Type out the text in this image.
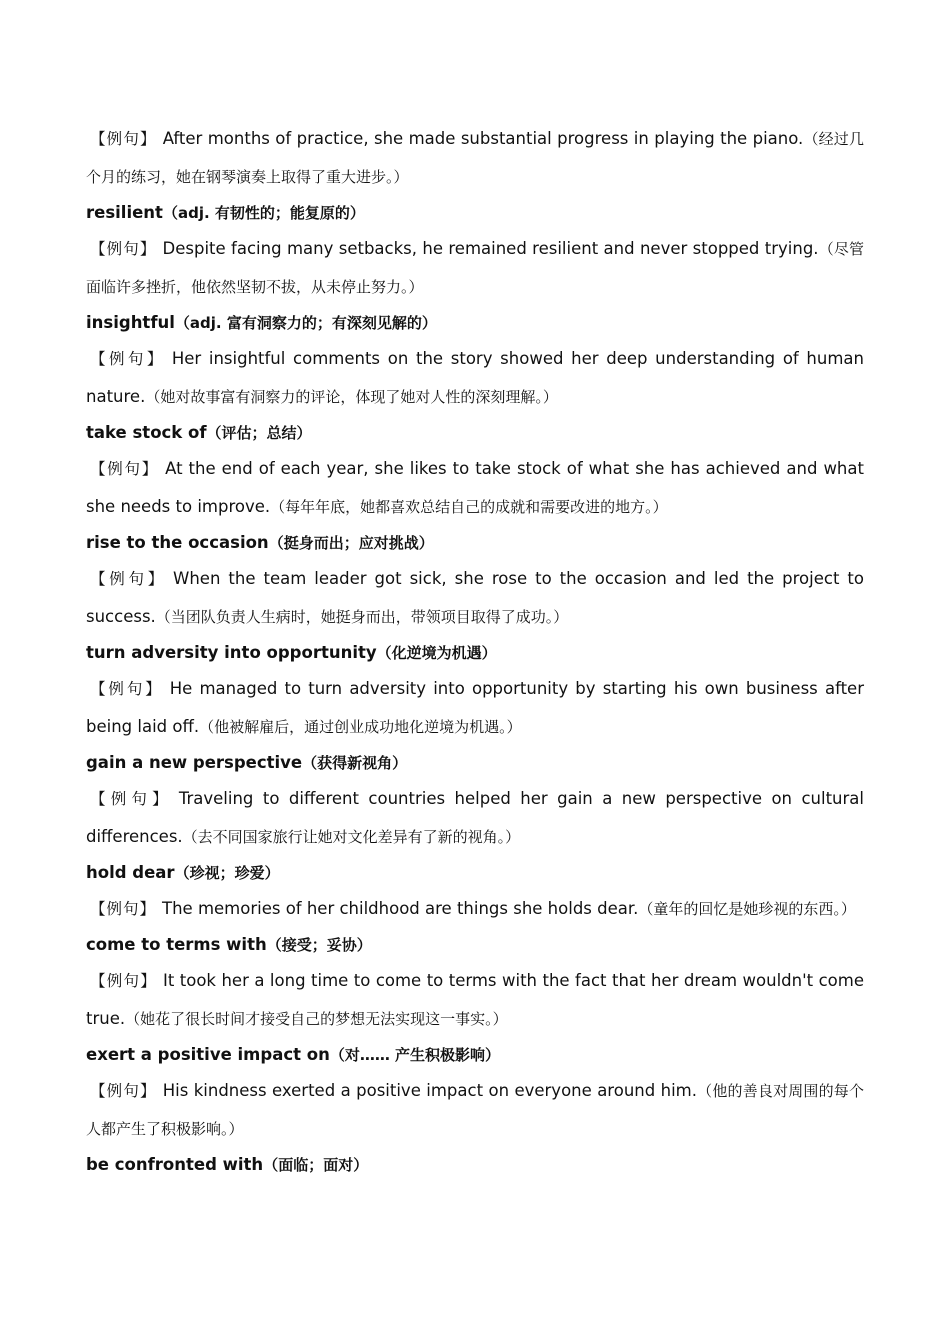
【例句】 After months of practice, she made substantial progress in playing the piano.（经过几个月的练习，她在钢琴演奏上取得了重大进步。）

resilient（adj. 有韧性的；能复原的）

【例句】 Despite facing many setbacks, he remained resilient and never stopped trying.（尽管面临许多挫折，他依然坚韧不拔，从未停止努力。）

insightful（adj. 富有洞察力的；有深刻见解的）

【例句】 Her insightful comments on the story showed her deep understanding of human nature.（她对故事富有洞察力的评论，体现了她对人性的深刻理解。）

take stock of（评估；总结）

【例句】 At the end of each year, she likes to take stock of what she has achieved and what she needs to improve.（每年年底，她都喜欢总结自己的成就和需要改进的地方。）

rise to the occasion（挺身而出；应对挑战）

【例句】 When the team leader got sick, she rose to the occasion and led the project to success.（当团队负责人生病时，她挺身而出，带领项目取得了成功。）

turn adversity into opportunity（化逆境为机遇）

【例句】 He managed to turn adversity into opportunity by starting his own business after being laid off.（他被解雇后，通过创业成功地化逆境为机遇。）

gain a new perspective（获得新视角）

【例句】 Traveling to different countries helped her gain a new perspective on cultural differences.（去不同国家旅行让她对文化差异有了新的视角。）

hold dear（珍视；珍爱）

【例句】 The memories of her childhood are things she holds dear.（童年的回忆是她珍视的东西。）

come to terms with（接受；妥协）

【例句】 It took her a long time to come to terms with the fact that her dream wouldn't come true.（她花了很长时间才接受自己的梦想无法实现这一事实。）

exert a positive impact on（对…… 产生积极影响）

【例句】 His kindness exerted a positive impact on everyone around him.（他的善良对周围的每个人都产生了积极影响。）

be confronted with（面临；面对）
